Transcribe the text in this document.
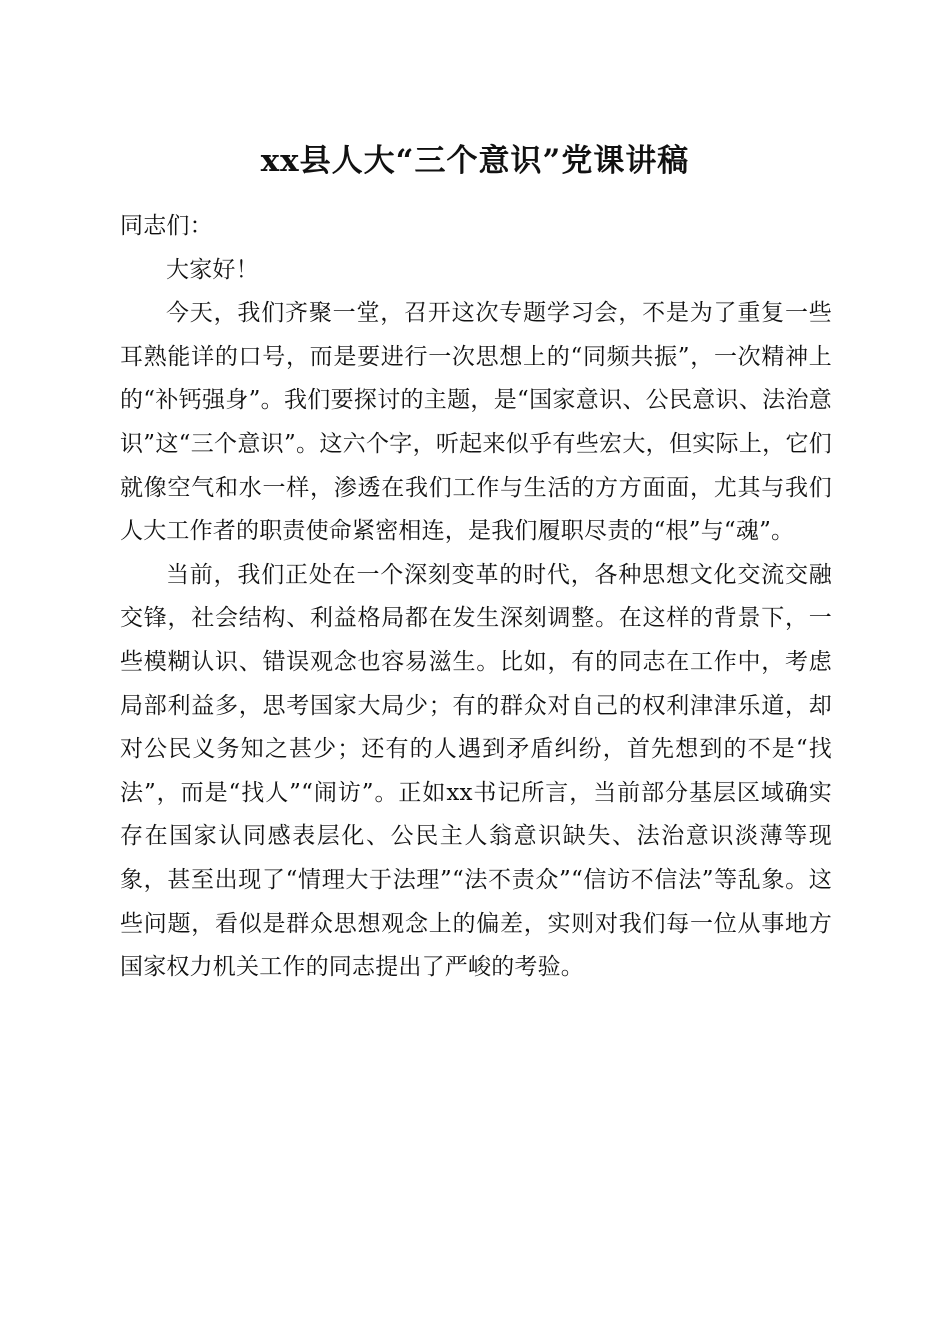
xx县人大“三个意识”党课讲稿

同志们：

大家好！

今天，我们齐聚一堂，召开这次专题学习会，不是为了重复一些耳熟能详的口号，而是要进行一次思想上的“同频共振”，一次精神上的“补钙强身”。我们要探讨的主题，是“国家意识、公民意识、法治意识”这“三个意识”。这六个字，听起来似乎有些宏大，但实际上，它们就像空气和水一样，渗透在我们工作与生活的方方面面，尤其与我们人大工作者的职责使命紧密相连，是我们履职尽责的“根”与“魂”。

当前，我们正处在一个深刻变革的时代，各种思想文化交流交融交锋，社会结构、利益格局都在发生深刻调整。在这样的背景下，一些模糊认识、错误观念也容易滋生。比如，有的同志在工作中，考虑局部利益多，思考国家大局少；有的群众对自己的权利津津乐道，却对公民义务知之甚少；还有的人遇到矛盾纠纷，首先想到的不是“找法”，而是“找人”“闹访”。正如xx书记所言，当前部分基层区域确实存在国家认同感表层化、公民主人翁意识缺失、法治意识淡薄等现象，甚至出现了“情理大于法理”“法不责众”“信访不信法”等乱象。这些问题，看似是群众思想观念上的偏差，实则对我们每一位从事地方国家权力机关工作的同志提出了严峻的考验。
